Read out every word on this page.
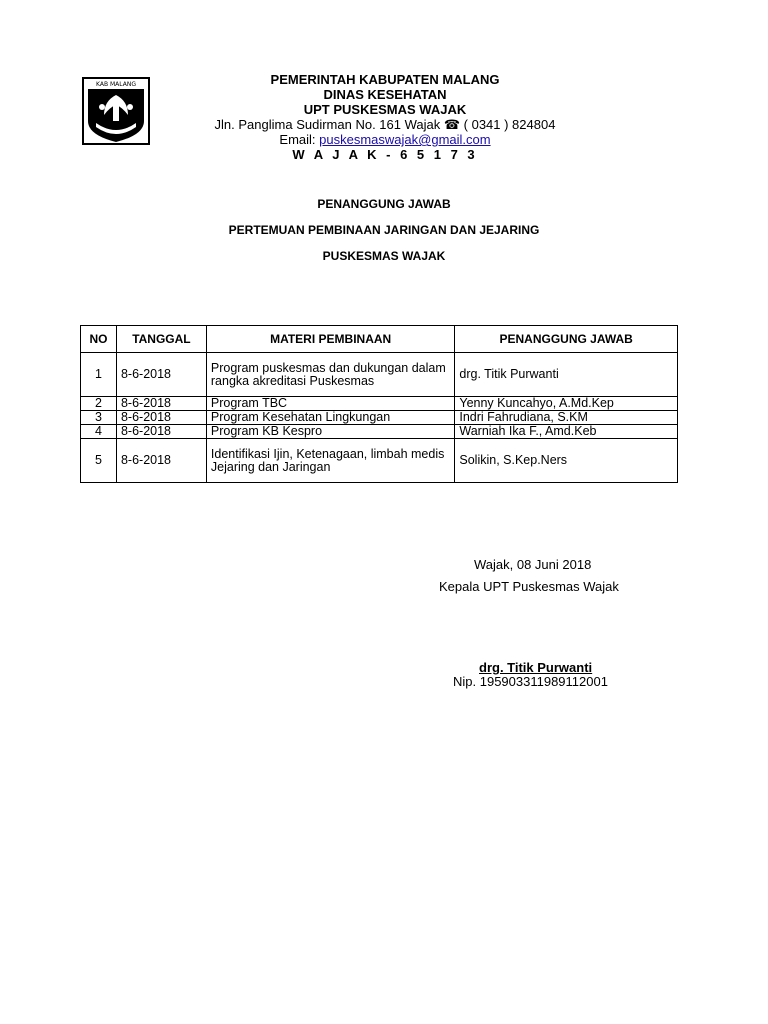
KAB MALANG	PEMERINTAH KABUPATEN MALANG
DINAS KESEHATAN
UPT PUSKESMAS WAJAK
Jln. Panglima Sudirman No. 161 Wajak ☎ ( 0341 ) 824804
Email: puskesmaswajak@gmail.com
W A J A K - 6 5 1 7 3
PENANGGUNG JAWAB
PERTEMUAN PEMBINAAN JARINGAN DAN JEJARING
PUSKESMAS WAJAK
NO	TANGGAL	MATERI PEMBINAAN	PENANGGUNG JAWAB
1	8-6-2018	Program puskesmas dan dukungan dalam rangka akreditasi Puskesmas	drg. Titik Purwanti
2	8-6-2018	Program TBC	Yenny Kuncahyo, A.Md.Kep
3	8-6-2018	Program Kesehatan Lingkungan	Indri Fahrudiana, S.KM
4	8-6-2018	Program KB Kespro	Warniah Ika F., Amd.Keb
5	8-6-2018	Identifikasi Ijin, Ketenagaan, limbah medis Jejaring dan Jaringan	Solikin, S.Kep.Ners
Wajak, 08 Juni 2018
Kepala UPT Puskesmas Wajak
drg. Titik Purwanti
Nip. 195903311989112001
